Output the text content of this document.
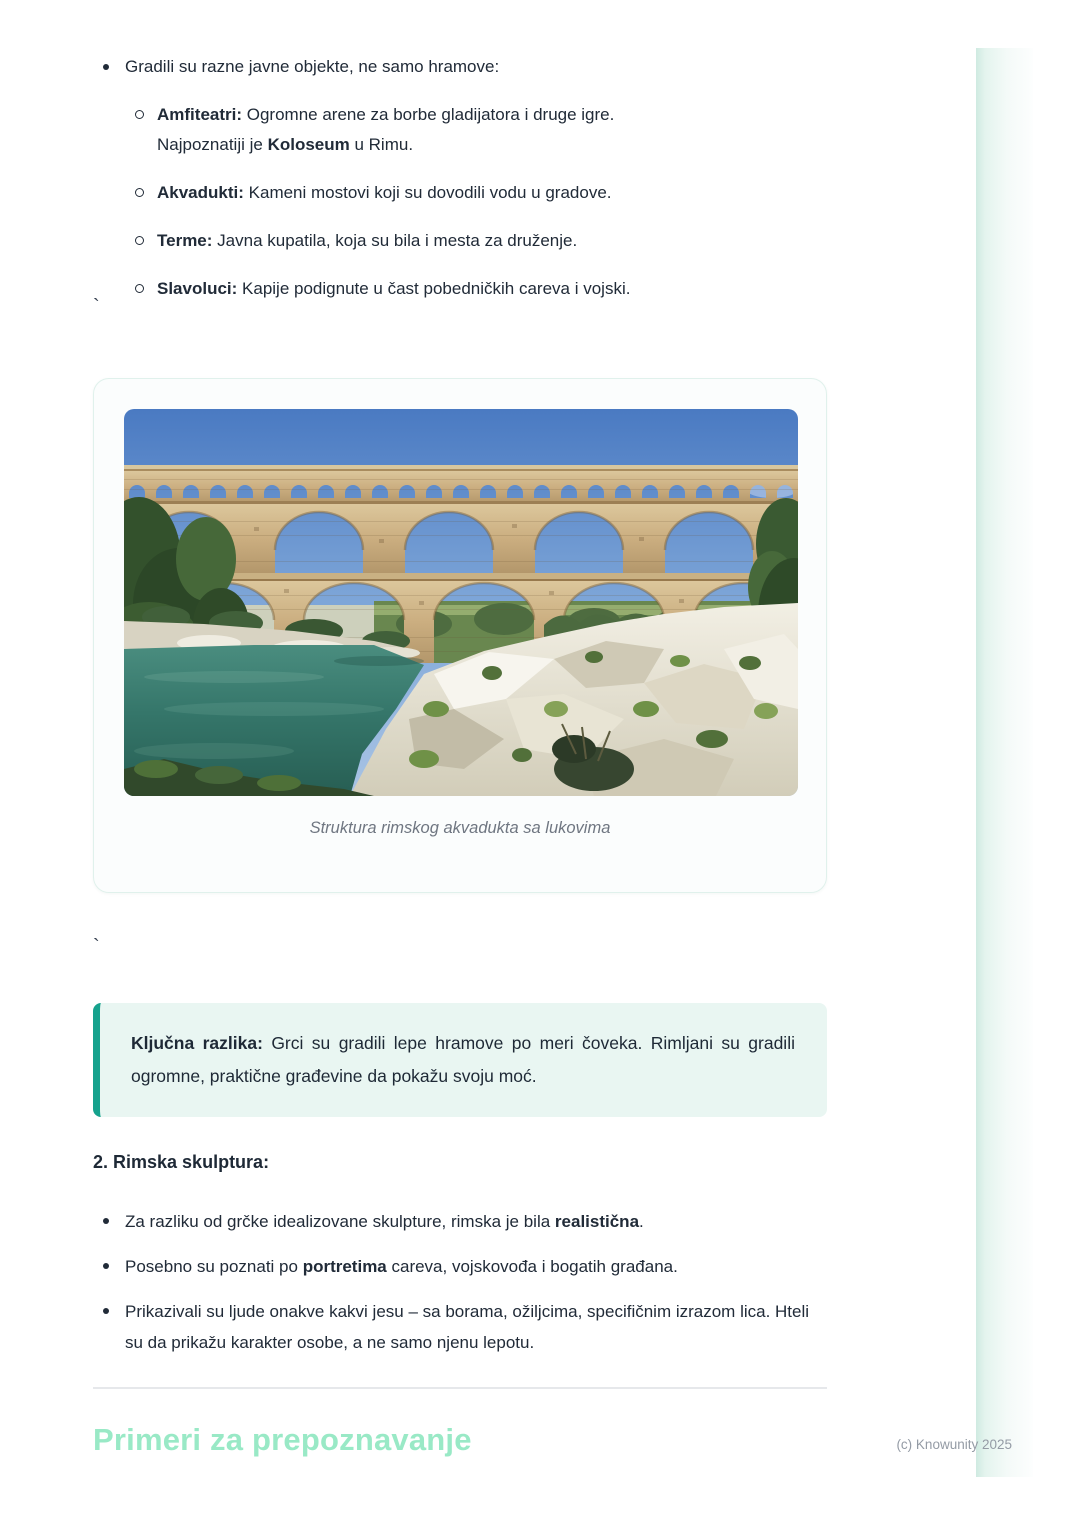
Gradili su razne javne objekte, ne samo hramove:
Amfiteatri: Ogromne arene za borbe gladijatora i druge igre.
Najpoznatiji je Koloseum u Rimu.
Akvadukti: Kameni mostovi koji su dovodili vodu u gradove.
Terme: Javna kupatila, koja su bila i mesta za druženje.
Slavoluci: Kapije podignute u čast pobedničkih careva i vojski.
`
Struktura rimskog akvadukta sa lukovima
`
Ključna razlika: Grci su gradili lepe hramove po meri čoveka. Rimljani su gradili ogromne, praktične građevine da pokažu svoju moć.
2. Rimska skulptura:
Za razliku od grčke idealizovane skulpture, rimska je bila realistična.
Posebno su poznati po portretima careva, vojskovođa i bogatih građana.
Prikazivali su ljude onakve kakvi jesu – sa borama, ožiljcima, specifičnim izrazom lica. Hteli su da prikažu karakter osobe, a ne samo njenu lepotu.
Primeri za prepoznavanje	(c) Knowunity 2025
